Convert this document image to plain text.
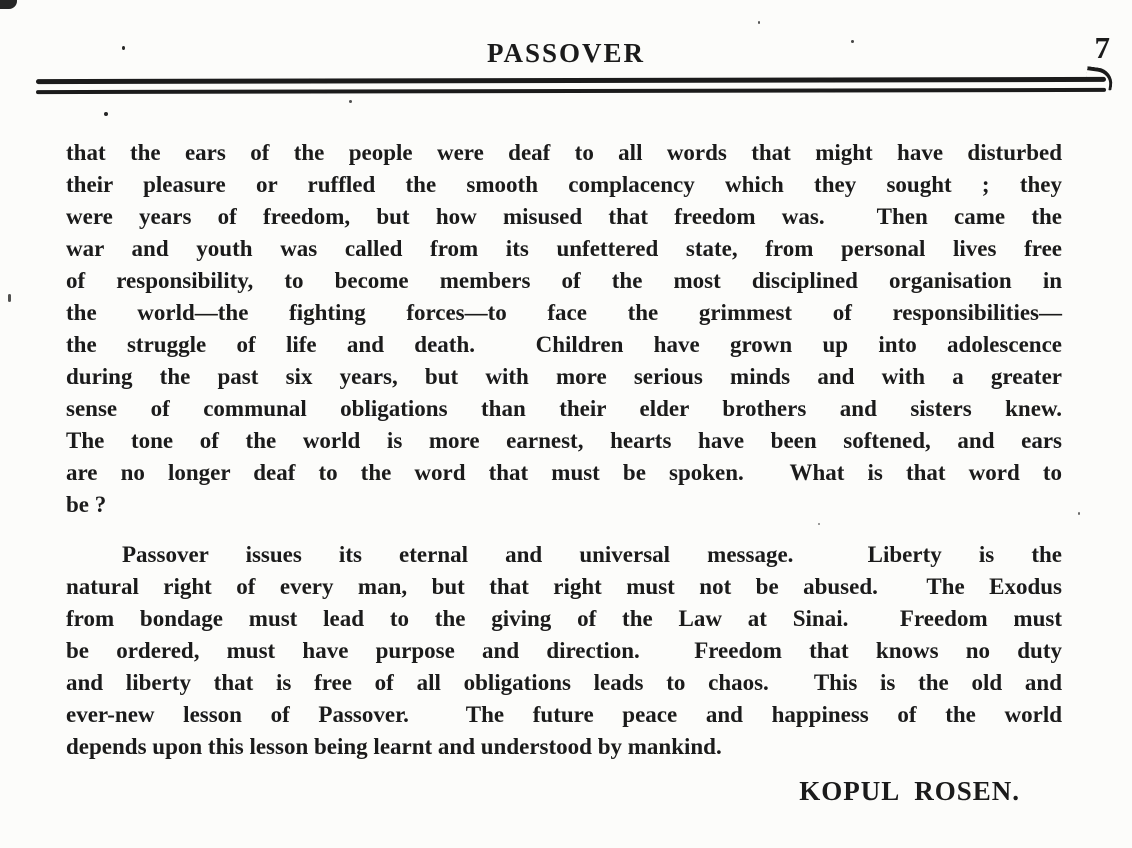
PASSOVER	7
that the ears of the people were deaf to all words that might have disturbed
their pleasure or ruffled the smooth complacency which they sought ; they
were years of freedom, but how misused that freedom was.  Then came the
war and youth was called from its unfettered state, from personal lives free
of responsibility, to become members of the most disciplined organisation in
the world—the fighting forces—to face the grimmest of responsibilities—
the struggle of life and death.  Children have grown up into adolescence
during the past six years, but with more serious minds and with a greater
sense of communal obligations than their elder brothers and sisters knew.
The tone of the world is more earnest, hearts have been softened, and ears
are no longer deaf to the word that must be spoken.  What is that word to
be ?
Passover issues its eternal and universal message.  Liberty is the
natural right of every man, but that right must not be abused.  The Exodus
from bondage must lead to the giving of the Law at Sinai.  Freedom must
be ordered, must have purpose and direction.  Freedom that knows no duty
and liberty that is free of all obligations leads to chaos.  This is the old and
ever-new lesson of Passover.  The future peace and happiness of the world
depends upon this lesson being learnt and understood by mankind.
KOPUL  ROSEN.
